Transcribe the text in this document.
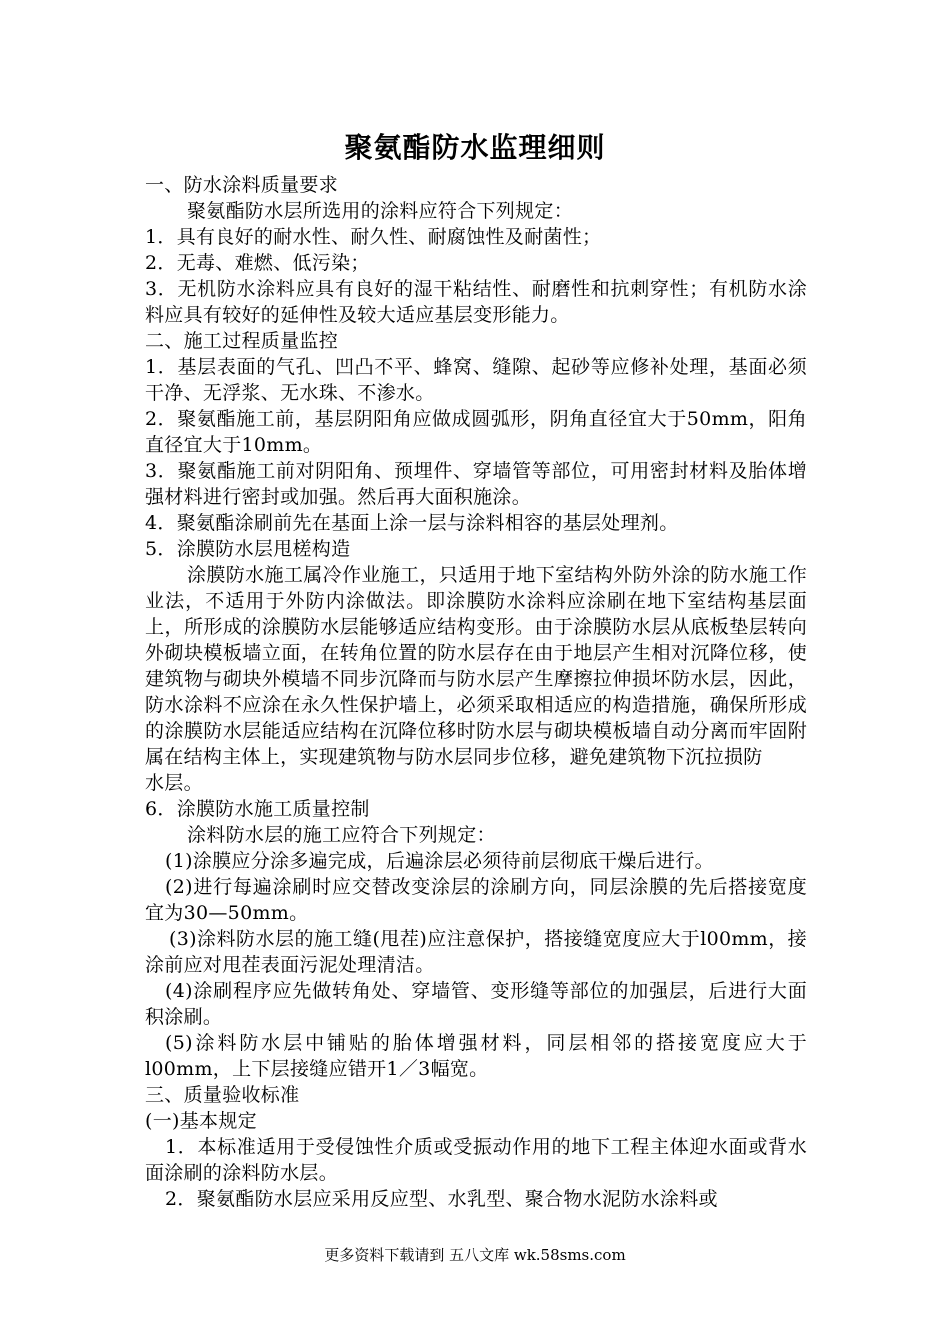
聚氨酯防水监理细则

一、防水涂料质量要求

聚氨酯防水层所选用的涂料应符合下列规定：

1．具有良好的耐水性、耐久性、耐腐蚀性及耐菌性；

2．无毒、难燃、低污染；

3．无机防水涂料应具有良好的湿干粘结性、耐磨性和抗刺穿性；有机防水涂料应具有较好的延伸性及较大适应基层变形能力。

二、施工过程质量监控

1．基层表面的气孔、凹凸不平、蜂窝、缝隙、起砂等应修补处理，基面必须干净、无浮浆、无水珠、不渗水。

2．聚氨酯施工前，基层阴阳角应做成圆弧形，阴角直径宜大于50mm，阳角直径宜大于10mm。

3．聚氨酯施工前对阴阳角、预埋件、穿墙管等部位，可用密封材料及胎体增强材料进行密封或加强。然后再大面积施涂。

4．聚氨酯涂刷前先在基面上涂一层与涂料相容的基层处理剂。

5．涂膜防水层甩槎构造

涂膜防水施工属冷作业施工，只适用于地下室结构外防外涂的防水施工作业法，不适用于外防内涂做法。即涂膜防水涂料应涂刷在地下室结构基层面上，所形成的涂膜防水层能够适应结构变形。由于涂膜防水层从底板垫层转向外砌块模板墙立面，在转角位置的防水层存在由于地层产生相对沉降位移，使建筑物与砌块外模墙不同步沉降而与防水层产生摩擦拉伸损坏防水层，因此，防水涂料不应涂在永久性保护墙上，必须采取相适应的构造措施，确保所形成的涂膜防水层能适应结构在沉降位移时防水层与砌块模板墙自动分离而牢固附属在结构主体上，实现建筑物与防水层同步位移，避免建筑物下沉拉损防

水层。

6．涂膜防水施工质量控制

涂料防水层的施工应符合下列规定：

(1)涂膜应分涂多遍完成，后遍涂层必须待前层彻底干燥后进行。

(2)进行每遍涂刷时应交替改变涂层的涂刷方向，同层涂膜的先后搭接宽度宜为30—50mm。

(3)涂料防水层的施工缝(甩茬)应注意保护，搭接缝宽度应大于l00mm，接涂前应对甩茬表面污泥处理清洁。

(4)涂刷程序应先做转角处、穿墙管、变形缝等部位的加强层，后进行大面积涂刷。

(5)涂料防水层中铺贴的胎体增强材料，同层相邻的搭接宽度应大于l00mm，上下层接缝应错开1／3幅宽。

三、质量验收标准

(一)基本规定

1．本标准适用于受侵蚀性介质或受振动作用的地下工程主体迎水面或背水面涂刷的涂料防水层。

2．聚氨酯防水层应采用反应型、水乳型、聚合物水泥防水涂料或

更多资料下载请到 五八文库 wk.58sms.com
